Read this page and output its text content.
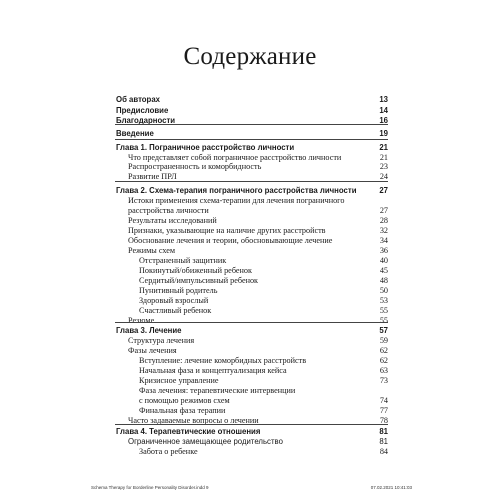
Содержание
Об авторах	13
Предисловие	14
Благодарности	16
Введение	19
Глава 1. Пограничное расстройство личности	21
Что представляет собой пограничное расстройство личности	21
Распространенность и коморбидность	23
Развитие ПРЛ	24
Глава 2. Схема-терапия пограничного расстройства личности	27
Истоки применения схема-терапии для лечения пограничного
расстройства личности	27
Результаты исследований	28
Признаки, указывающие на наличие других расстройств	32
Обоснование лечения и теории, обосновывающие лечение	34
Режимы схем	36
Отстраненный защитник	40
Покинутый/обиженный ребенок	45
Сердитый/импульсивный ребенок	48
Пунитивный родитель	50
Здоровый взрослый	53
Счастливый ребенок	55
Резюме	55
Глава 3. Лечение	57
Структура лечения	59
Фазы лечения	62
Вступление: лечение коморбидных расстройств	62
Начальная фаза и концептуализация кейса	63
Кризисное управление	73
Фаза лечения: терапевтические интервенции
с помощью режимов схем	74
Финальная фаза терапии	77
Часто задаваемые вопросы о лечении	78
Глава 4. Терапевтические отношения	81
Ограниченное замещающее родительство	81
Забота о ребенке	84
Schema Therapy for Borderline Personality Disorder.indd 9	07.02.2021 10:41:03
